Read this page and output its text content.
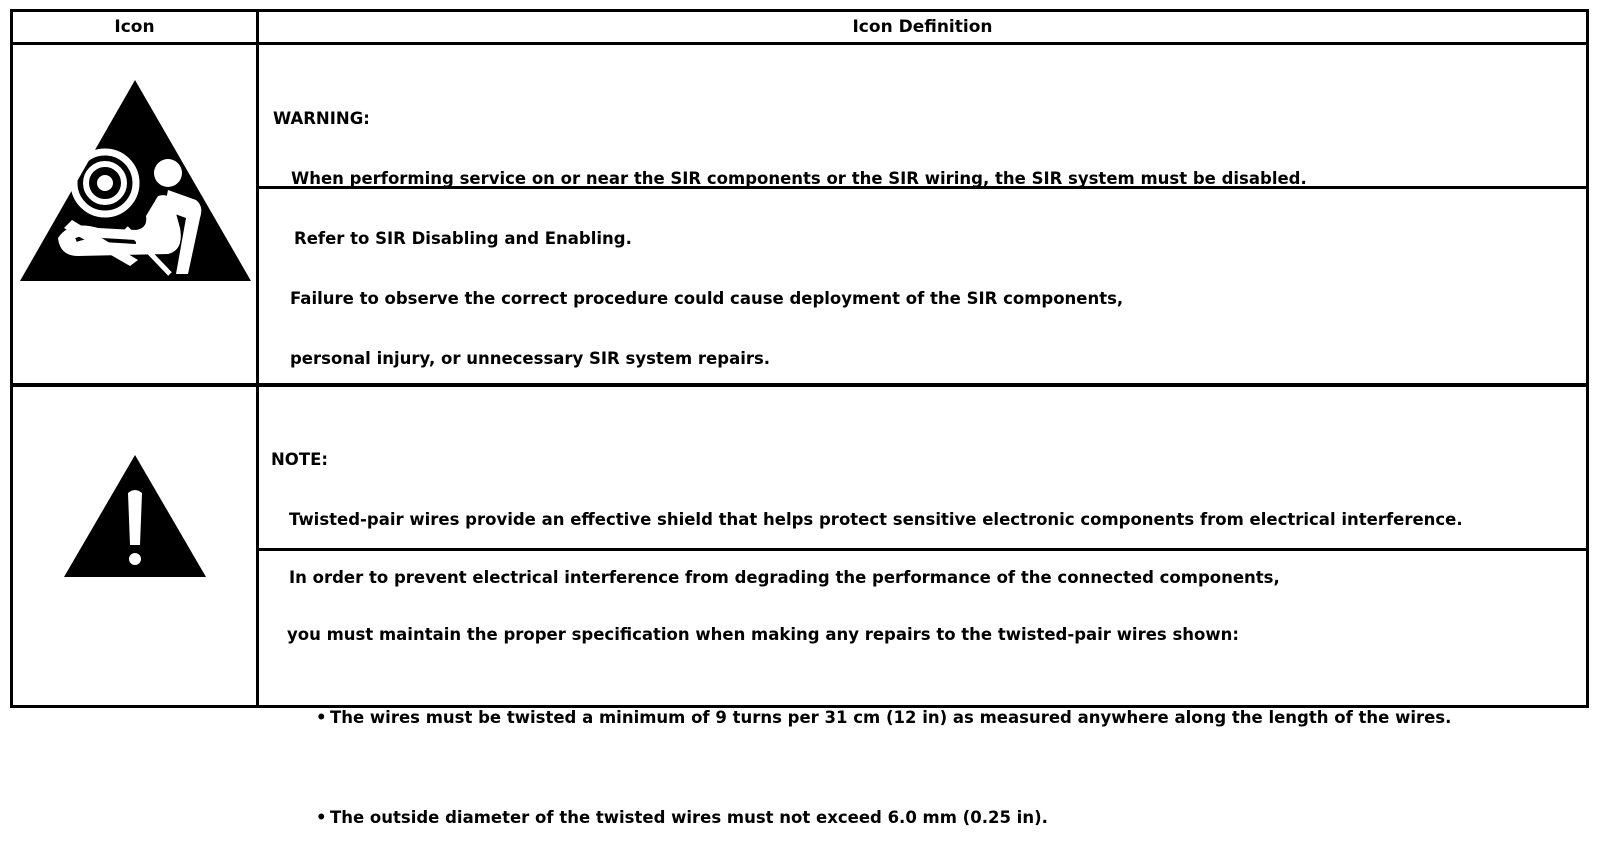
Icon	Icon Definition

WARNING:

When performing service on or near the SIR components or the SIR wiring, the SIR system must be disabled.

Refer to SIR Disabling and Enabling.

Failure to observe the correct procedure could cause deployment of the SIR components,

personal injury, or unnecessary SIR system repairs.

NOTE:

Twisted-pair wires provide an effective shield that helps protect sensitive electronic components from electrical interference.

In order to prevent electrical interference from degrading the performance of the connected components,

you must maintain the proper specification when making any repairs to the twisted-pair wires shown:

• The wires must be twisted a minimum of 9 turns per 31 cm (12 in) as measured anywhere along the length of the wires.

• The outside diameter of the twisted wires must not exceed 6.0 mm (0.25 in).
